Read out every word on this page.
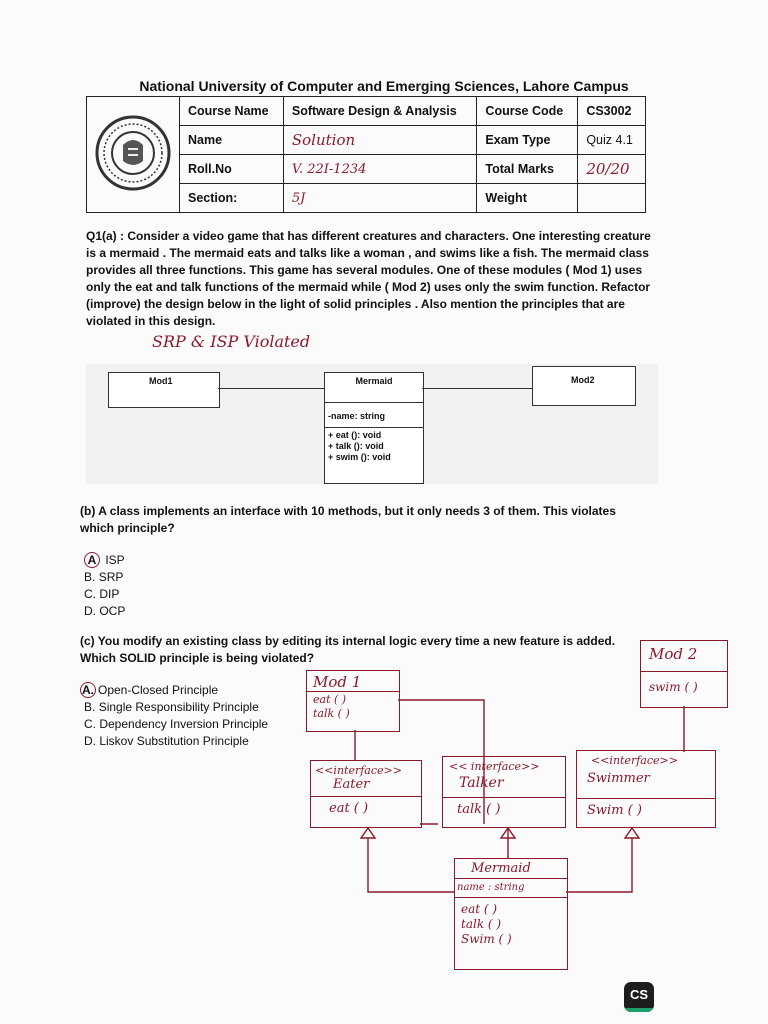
National University of Computer and Emerging Sciences, Lahore Campus
	Course Name	Software Design & Analysis	Course Code	CS3002
	Name	Solution	Exam Type	Quiz 4.1
	Roll.No	V. 22I-1234	Total Marks	20/20
	Section:	5J	Weight	
Q1(a) : Consider a video game that has different creatures and characters. One interesting creature is a mermaid . The mermaid eats and talks like a woman , and swims like a fish. The mermaid class provides all three functions. This game has several modules. One of these modules ( Mod 1) uses only the eat and talk functions of the mermaid while ( Mod 2) uses only the swim function. Refactor (improve) the design below in the light of solid principles . Also mention the principles that are violated in this design.
SRP & ISP Violated
Mod1	Mermaid
-name: string
+ eat (): void
+ talk (): void
+ swim (): void
Mod2
(b) A class implements an interface with 10 methods, but it only needs 3 of them. This violates which principle?
A ISP
B. SRP
C. DIP
D. OCP
(c) You modify an existing class by editing its internal logic every time a new feature is added. Which SOLID principle is being violated?
A. Open-Closed Principle
B. Single Responsibility Principle
C. Dependency Inversion Principle
D. Liskov Substitution Principle
Mod 1
eat ( )
talk ( )
Mod 2
swim ( )
<<interface>>
Eater
eat ( )
<< interface>>
Talker
talk ( )
<<interface>>
Swimmer
Swim ( )
Mermaid
name : string
eat ( )
talk ( )
Swim ( )
CS
